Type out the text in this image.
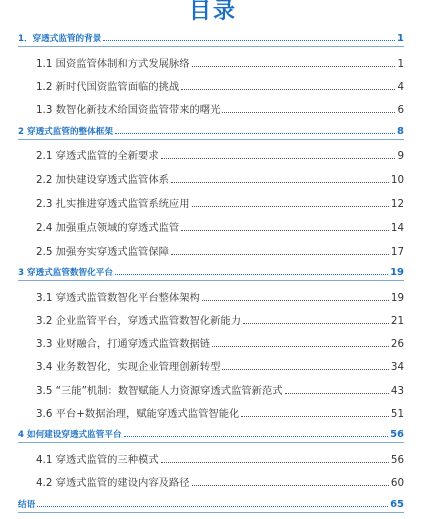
目录
1．穿透式监管的背景	1
1.1 国资监管体制和方式发展脉络	1
1.2 新时代国资监管面临的挑战	4
1.3 数智化新技术给国资监管带来的曙光	6
2 穿透式监管的整体框架	8
2.1 穿透式监管的全新要求	9
2.2 加快建设穿透式监管体系	10
2.3 扎实推进穿透式监管系统应用	12
2.4 加强重点领域的穿透式监管	14
2.5 加强夯实穿透式监管保障	17
3 穿透式监管数智化平台	19
3.1 穿透式监管数智化平台整体架构	19
3.2 企业监管平台，穿透式监管数智化新能力	21
3.3 业财融合，打通穿透式监管数据链	26
3.4 业务数智化，实现企业管理创新转型	34
3.5 “三能”机制：数智赋能人力资源穿透式监管新范式	43
3.6 平台+数据治理，赋能穿透式监管智能化	51
4 如何建设穿透式监管平台	56
4.1 穿透式监管的三种模式	56
4.2 穿透式监管的建设内容及路径	60
结语	65
